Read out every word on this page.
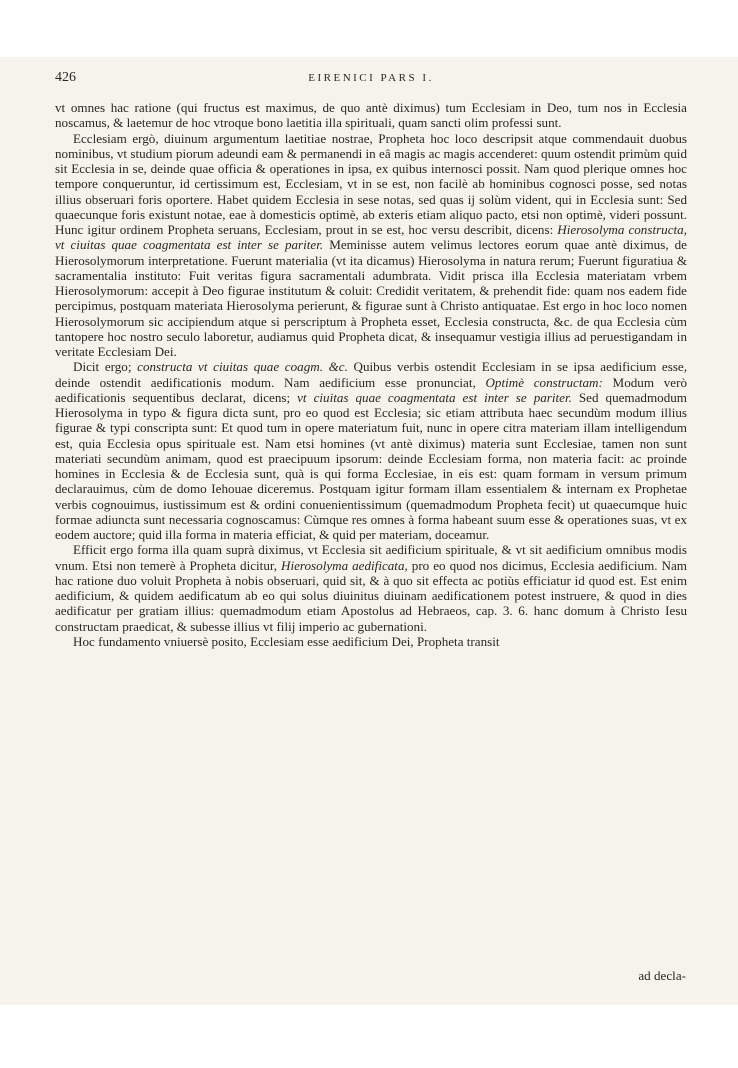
426	EIRENICI PARS I.

vt omnes hac ratione (qui fructus est maximus, de quo antè diximus) tum Ecclesiam in Deo, tum nos in Ecclesia noscamus, & laetemur de hoc vtroque bono laetitia illa spirituali, quam sancti olim professi sunt.

Ecclesiam ergò, diuinum argumentum laetitiae nostrae, Propheta hoc loco descripsit atque commendauit duobus nominibus, vt studium piorum adeundi eam & permanendi in eâ magis ac magis accenderet: quum ostendit primùm quid sit Ecclesia in se, deinde quae officia & operationes in ipsa, ex quibus internosci possit. Nam quod plerique omnes hoc tempore conqueruntur, id certissimum est, Ecclesiam, vt in se est, non facilè ab hominibus cognosci posse, sed notas illius obseruari foris oportere. Habet quidem Ecclesia in sese notas, sed quas ij solùm vident, qui in Ecclesia sunt: Sed quaecunque foris existunt notae, eae à domesticis optimè, ab exteris etiam aliquo pacto, etsi non optimè, videri possunt. Hunc igitur ordinem Propheta seruans, Ecclesiam, prout in se est, hoc versu describit, dicens: Hierosolyma constructa, vt ciuitas quae coagmentata est inter se pariter. Meminisse autem velimus lectores eorum quae antè diximus, de Hierosolymorum interpretatione. Fuerunt materialia (vt ita dicamus) Hierosolyma in natura rerum; Fuerunt figuratiua & sacramentalia instituto: Fuit veritas figura sacramentali adumbrata. Vidit prisca illa Ecclesia materiatam vrbem Hierosolymorum: accepit à Deo figurae institutum & coluit: Credidit veritatem, & prehendit fide: quam nos eadem fide percipimus, postquam materiata Hierosolyma perierunt, & figurae sunt à Christo antiquatae. Est ergo in hoc loco nomen Hierosolymorum sic accipiendum atque si perscriptum à Propheta esset, Ecclesia constructa, &c. de qua Ecclesia cùm tantopere hoc nostro seculo laboretur, audiamus quid Propheta dicat, & insequamur vestigia illius ad peruestigandam in veritate Ecclesiam Dei.

Dicit ergo; constructa vt ciuitas quae coagm. &c. Quibus verbis ostendit Ecclesiam in se ipsa aedificium esse, deinde ostendit aedificationis modum. Nam aedificium esse pronunciat, Optimè constructam: Modum verò aedificationis sequentibus declarat, dicens; vt ciuitas quae coagmentata est inter se pariter. Sed quemadmodum Hierosolyma in typo & figura dicta sunt, pro eo quod est Ecclesia; sic etiam attributa haec secundùm modum illius figurae & typi conscripta sunt: Et quod tum in opere materiatum fuit, nunc in opere citra materiam illam intelligendum est, quia Ecclesia opus spirituale est. Nam etsi homines (vt antè diximus) materia sunt Ecclesiae, tamen non sunt materiati secundùm animam, quod est praecipuum ipsorum: deinde Ecclesiam forma, non materia facit: ac proinde homines in Ecclesia & de Ecclesia sunt, quà is qui forma Ecclesiae, in eis est: quam formam in versum primum declarauimus, cùm de domo Iehouae diceremus. Postquam igitur formam illam essentialem & internam ex Prophetae verbis cognouimus, iustissimum est & ordini conuenientissimum (quemadmodum Propheta fecit) ut quaecumque huic formae adiuncta sunt necessaria cognoscamus: Cùmque res omnes à forma habeant suum esse & operationes suas, vt ex eodem auctore; quid illa forma in materia efficiat, & quid per materiam, doceamur.

Efficit ergo forma illa quam suprà diximus, vt Ecclesia sit aedificium spirituale, & vt sit aedificium omnibus modis vnum. Etsi non temerè à Propheta dicitur, Hierosolyma aedificata, pro eo quod nos dicimus, Ecclesia aedificium. Nam hac ratione duo voluit Propheta à nobis obseruari, quid sit, & à quo sit effecta ac potiùs efficiatur id quod est. Est enim aedificium, & quidem aedificatum ab eo qui solus diuinitus diuinam aedificationem potest instruere, & quod in dies aedificatur per gratiam illius: quemadmodum etiam Apostolus ad Hebraeos, cap. 3. 6. hanc domum à Christo Iesu constructam praedicat, & subesse illius vt filij imperio ac gubernationi.

Hoc fundamento vniuersè posito, Ecclesiam esse aedificium Dei, Propheta transit

ad decla-
